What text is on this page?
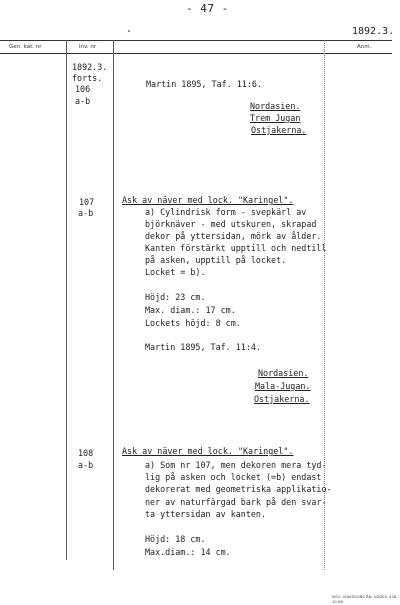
- 47 -
1892.3.
Gen. kat. nr	Inv. nr	Anm.
1892.3.
forts.
106
a-b
Martin 1895, Taf. 11:6.
Nordasien.
Trem Jugan
Ostjakerna.
107
a-b
Ask av näver med lock. "Karingel".
a) Cylindrisk form - svepkärl av
björknäver - med utskuren, skrapad
dekor på yttersidan, mörk av ålder.
Kanten förstärkt upptill och nedtill
på asken, upptill på locket.
Locket = b).
Höjd: 23 cm.
Max. diam.: 17 cm.
Lockets höjd: 8 cm.
Martin 1895, Taf. 11:4.
Nordasien.
Mala-Jugan.
Ostjakerna.
108
a-b
Ask av näver med lock. "Karingel".
a) Som nr 107, men dekoren mera tyd-
lig på asken och locket (=b) endast
dekorerat med geometriska applikatio-
ner av naturfärgad bark på den svar-
ta yttersidan av kanten.
Höjd: 18 cm.
Max.diam.: 14 cm.
SJÖL. ISAKSSONS ÅB. UDDEV. 428 10 66
